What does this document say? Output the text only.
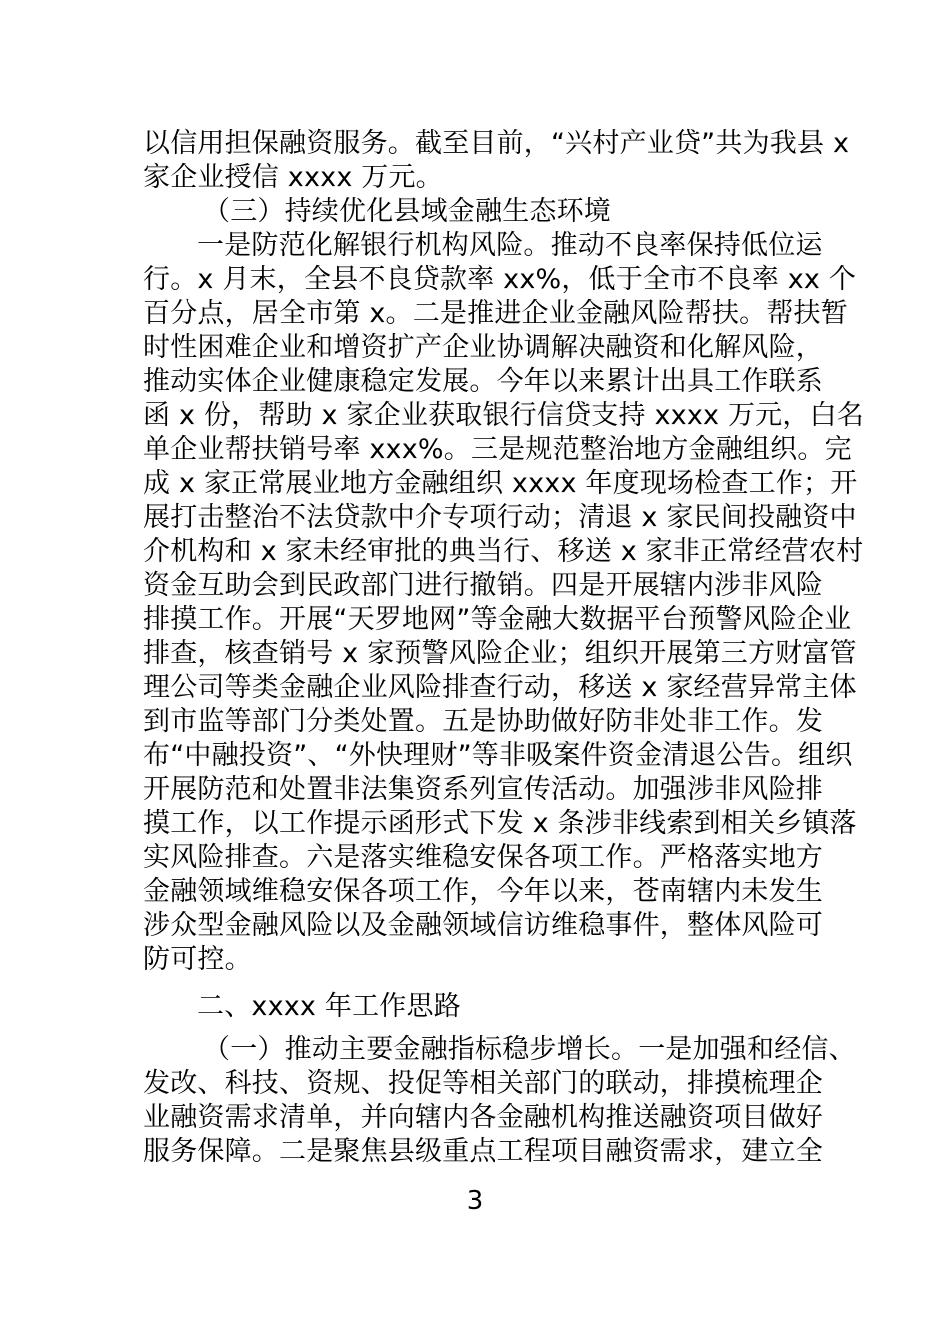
以信用担保融资服务。截至目前，“兴村产业贷”共为我县 x
家企业授信 xxxx 万元。
（三）持续优化县域金融生态环境
一是防范化解银行机构风险。推动不良率保持低位运
行。x 月末，全县不良贷款率 xx%，低于全市不良率 xx 个
百分点，居全市第 x。二是推进企业金融风险帮扶。帮扶暂
时性困难企业和增资扩产企业协调解决融资和化解风险，
推动实体企业健康稳定发展。今年以来累计出具工作联系
函 x 份，帮助 x 家企业获取银行信贷支持 xxxx 万元，白名
单企业帮扶销号率 xxx%。三是规范整治地方金融组织。完
成 x 家正常展业地方金融组织 xxxx 年度现场检查工作；开
展打击整治不法贷款中介专项行动；清退 x 家民间投融资中
介机构和 x 家未经审批的典当行、移送 x 家非正常经营农村
资金互助会到民政部门进行撤销。四是开展辖内涉非风险
排摸工作。开展“天罗地网”等金融大数据平台预警风险企业
排查，核查销号 x 家预警风险企业；组织开展第三方财富管
理公司等类金融企业风险排查行动，移送 x 家经营异常主体
到市监等部门分类处置。五是协助做好防非处非工作。发
布“中融投资”、“外快理财”等非吸案件资金清退公告。组织
开展防范和处置非法集资系列宣传活动。加强涉非风险排
摸工作，以工作提示函形式下发 x 条涉非线索到相关乡镇落
实风险排查。六是落实维稳安保各项工作。严格落实地方
金融领域维稳安保各项工作，今年以来，苍南辖内未发生
涉众型金融风险以及金融领域信访维稳事件，整体风险可
防可控。
二、xxxx 年工作思路
（一）推动主要金融指标稳步增长。一是加强和经信、
发改、科技、资规、投促等相关部门的联动，排摸梳理企
业融资需求清单，并向辖内各金融机构推送融资项目做好
服务保障。二是聚焦县级重点工程项目融资需求，建立全
3
